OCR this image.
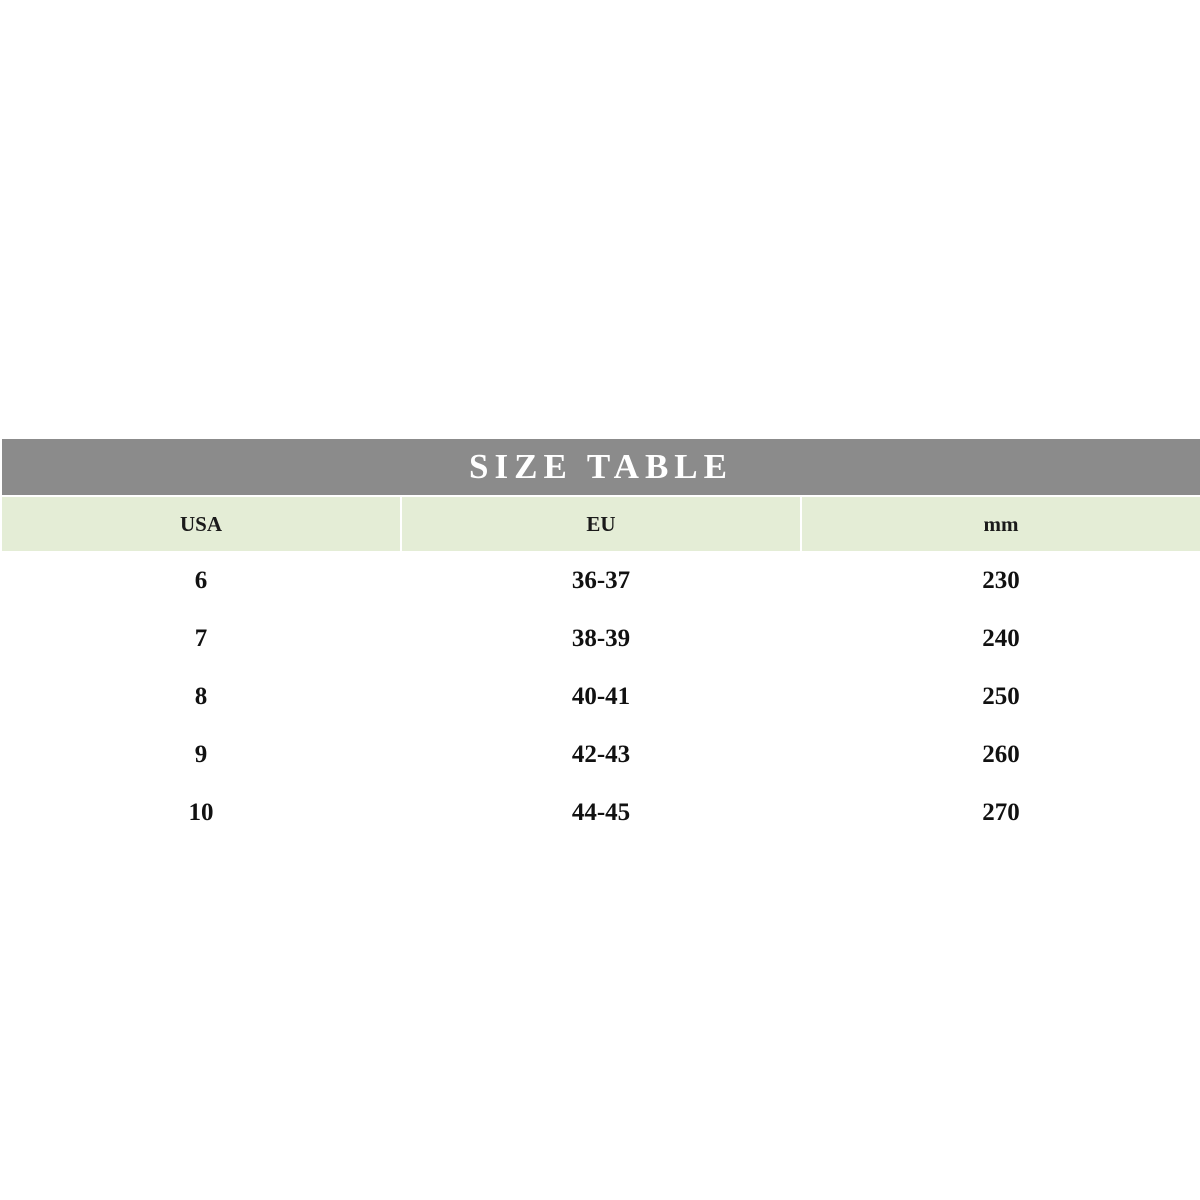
SIZE TABLE		
USA	EU	mm
6	36-37	230
7	38-39	240
8	40-41	250
9	42-43	260
10	44-45	270
